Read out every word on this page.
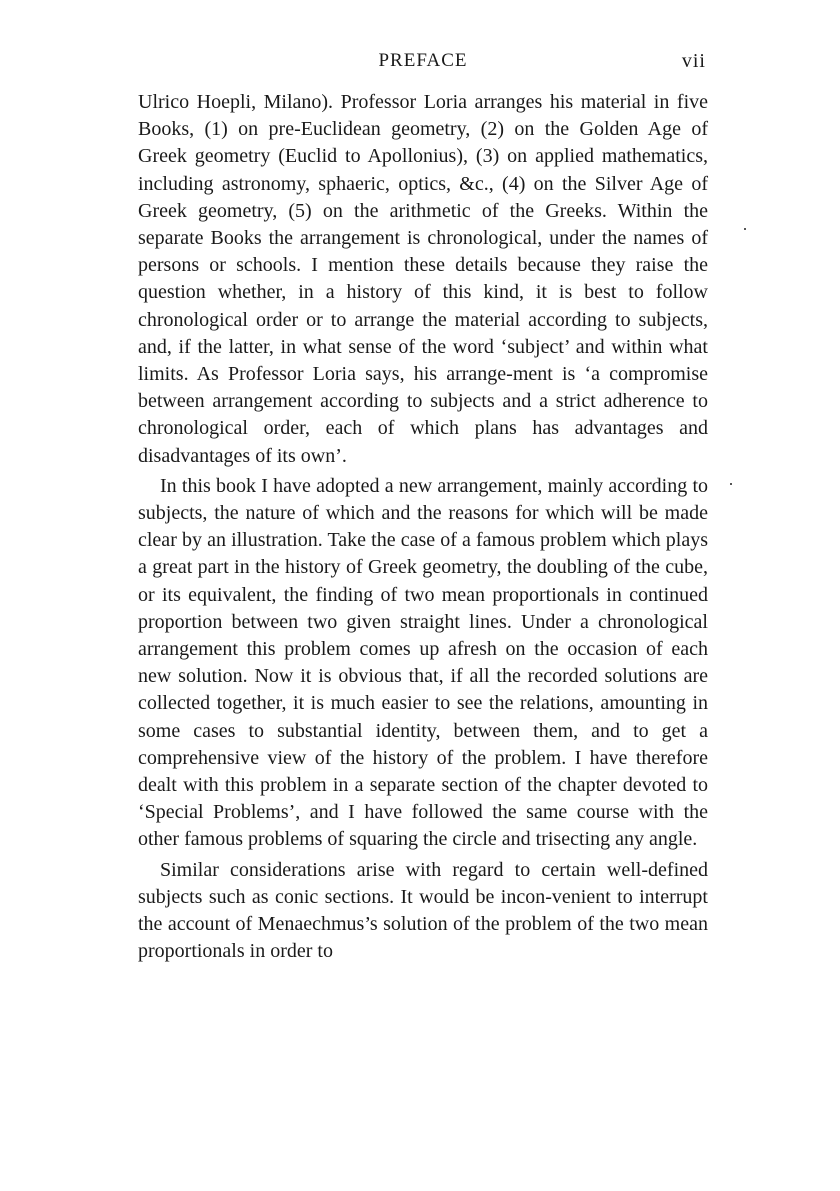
PREFACE	vii

Ulrico Hoepli, Milano). Professor Loria arranges his material in five Books, (1) on pre-Euclidean geometry, (2) on the Golden Age of Greek geometry (Euclid to Apollonius), (3) on applied mathematics, including astronomy, sphaeric, optics, &c., (4) on the Silver Age of Greek geometry, (5) on the arithmetic of the Greeks. Within the separate Books the arrangement is chronological, under the names of persons or schools. I mention these details because they raise the question whether, in a history of this kind, it is best to follow chronological order or to arrange the material according to subjects, and, if the latter, in what sense of the word ‘subject’ and within what limits. As Professor Loria says, his arrange-ment is ‘a compromise between arrangement according to subjects and a strict adherence to chronological order, each of which plans has advantages and disadvantages of its own’.

In this book I have adopted a new arrangement, mainly according to subjects, the nature of which and the reasons for which will be made clear by an illustration. Take the case of a famous problem which plays a great part in the history of Greek geometry, the doubling of the cube, or its equivalent, the finding of two mean proportionals in continued proportion between two given straight lines. Under a chronological arrangement this problem comes up afresh on the occasion of each new solution. Now it is obvious that, if all the recorded solutions are collected together, it is much easier to see the relations, amounting in some cases to substantial identity, between them, and to get a comprehensive view of the history of the problem. I have therefore dealt with this problem in a separate section of the chapter devoted to ‘Special Problems’, and I have followed the same course with the other famous problems of squaring the circle and trisecting any angle.

Similar considerations arise with regard to certain well-defined subjects such as conic sections. It would be incon-venient to interrupt the account of Menaechmus’s solution of the problem of the two mean proportionals in order to
